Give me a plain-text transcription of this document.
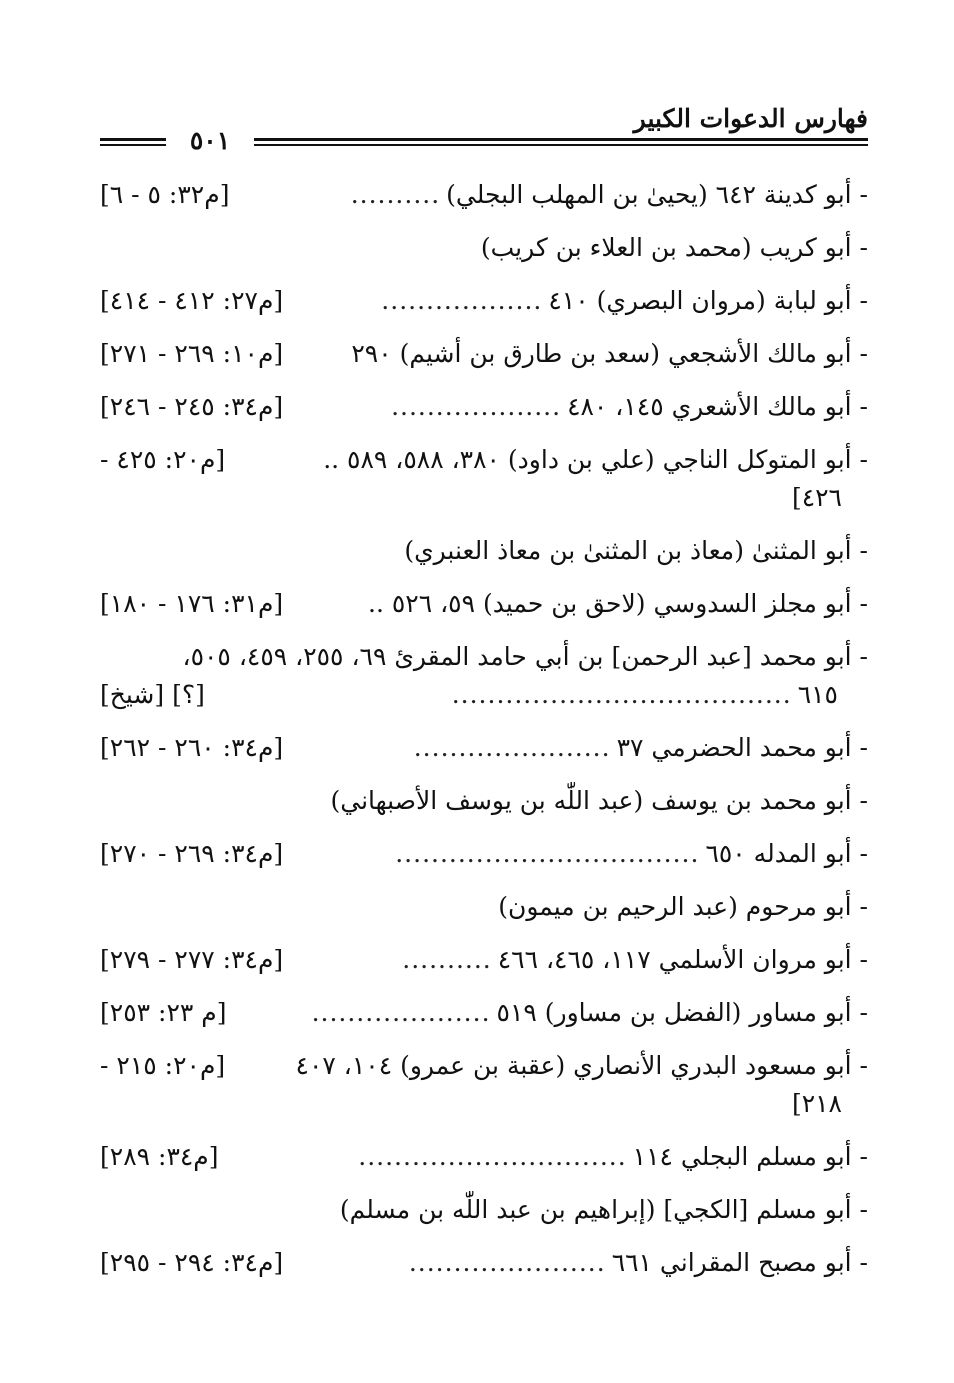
فهارس الدعوات الكبير
٥٠١
- أبو كدينة ٦٤٢ (يحيىٰ بن المهلب البجلي)
..........
[م٣٢: ٥ - ٦]
- أبو كريب (محمد بن العلاء بن كريب)
- أبو لبابة (مروان البصري) ٤١٠
..................
[م٢٧: ٤١٢ - ٤١٤]
- أبو مالك الأشجعي (سعد بن طارق بن أشيم) ٢٩٠
[م١٠: ٢٦٩ - ٢٧١]
- أبو مالك الأشعري ١٤٥، ٤٨٠
...................
[م٣٤: ٢٤٥ - ٢٤٦]
- أبو المتوكل الناجي (علي بن داود) ٣٨٠، ٥٨٨، ٥٨٩ ..
[م٢٠: ٤٢٥ -
٤٢٦]
- أبو المثنىٰ (معاذ بن المثنىٰ بن معاذ العنبري)
- أبو مجلز السدوسي (لاحق بن حميد) ٥٩، ٥٢٦ ..
[م٣١: ١٧٦ - ١٨٠]
- أبو محمد [عبد الرحمن] بن أبي حامد المقرئ ٦٩، ٢٥٥، ٤٥٩، ٥٠٥،
٦١٥
......................................
[؟] [شيخ]
- أبو محمد الحضرمي ٣٧
......................
[م٣٤: ٢٦٠ - ٢٦٢]
- أبو محمد بن يوسف (عبد اللّٰه بن يوسف الأصبهاني)
- أبو المدله ٦٥٠
..................................
[م٣٤: ٢٦٩ - ٢٧٠]
- أبو مرحوم (عبد الرحيم بن ميمون)
- أبو مروان الأسلمي ١١٧، ٤٦٥، ٤٦٦
..........
[م٣٤: ٢٧٧ - ٢٧٩]
- أبو مساور (الفضل بن مساور) ٥١٩
....................
[م ٢٣: ٢٥٣]
- أبو مسعود البدري الأنصاري (عقبة بن عمرو) ١٠٤، ٤٠٧
[م٢٠: ٢١٥ -
٢١٨]
- أبو مسلم البجلي ١١٤
..............................
[م٣٤: ٢٨٩]
- أبو مسلم [الكجي] (إبراهيم بن عبد اللّٰه بن مسلم)
- أبو مصبح المقراني ٦٦١
......................
[م٣٤: ٢٩٤ - ٢٩٥]
